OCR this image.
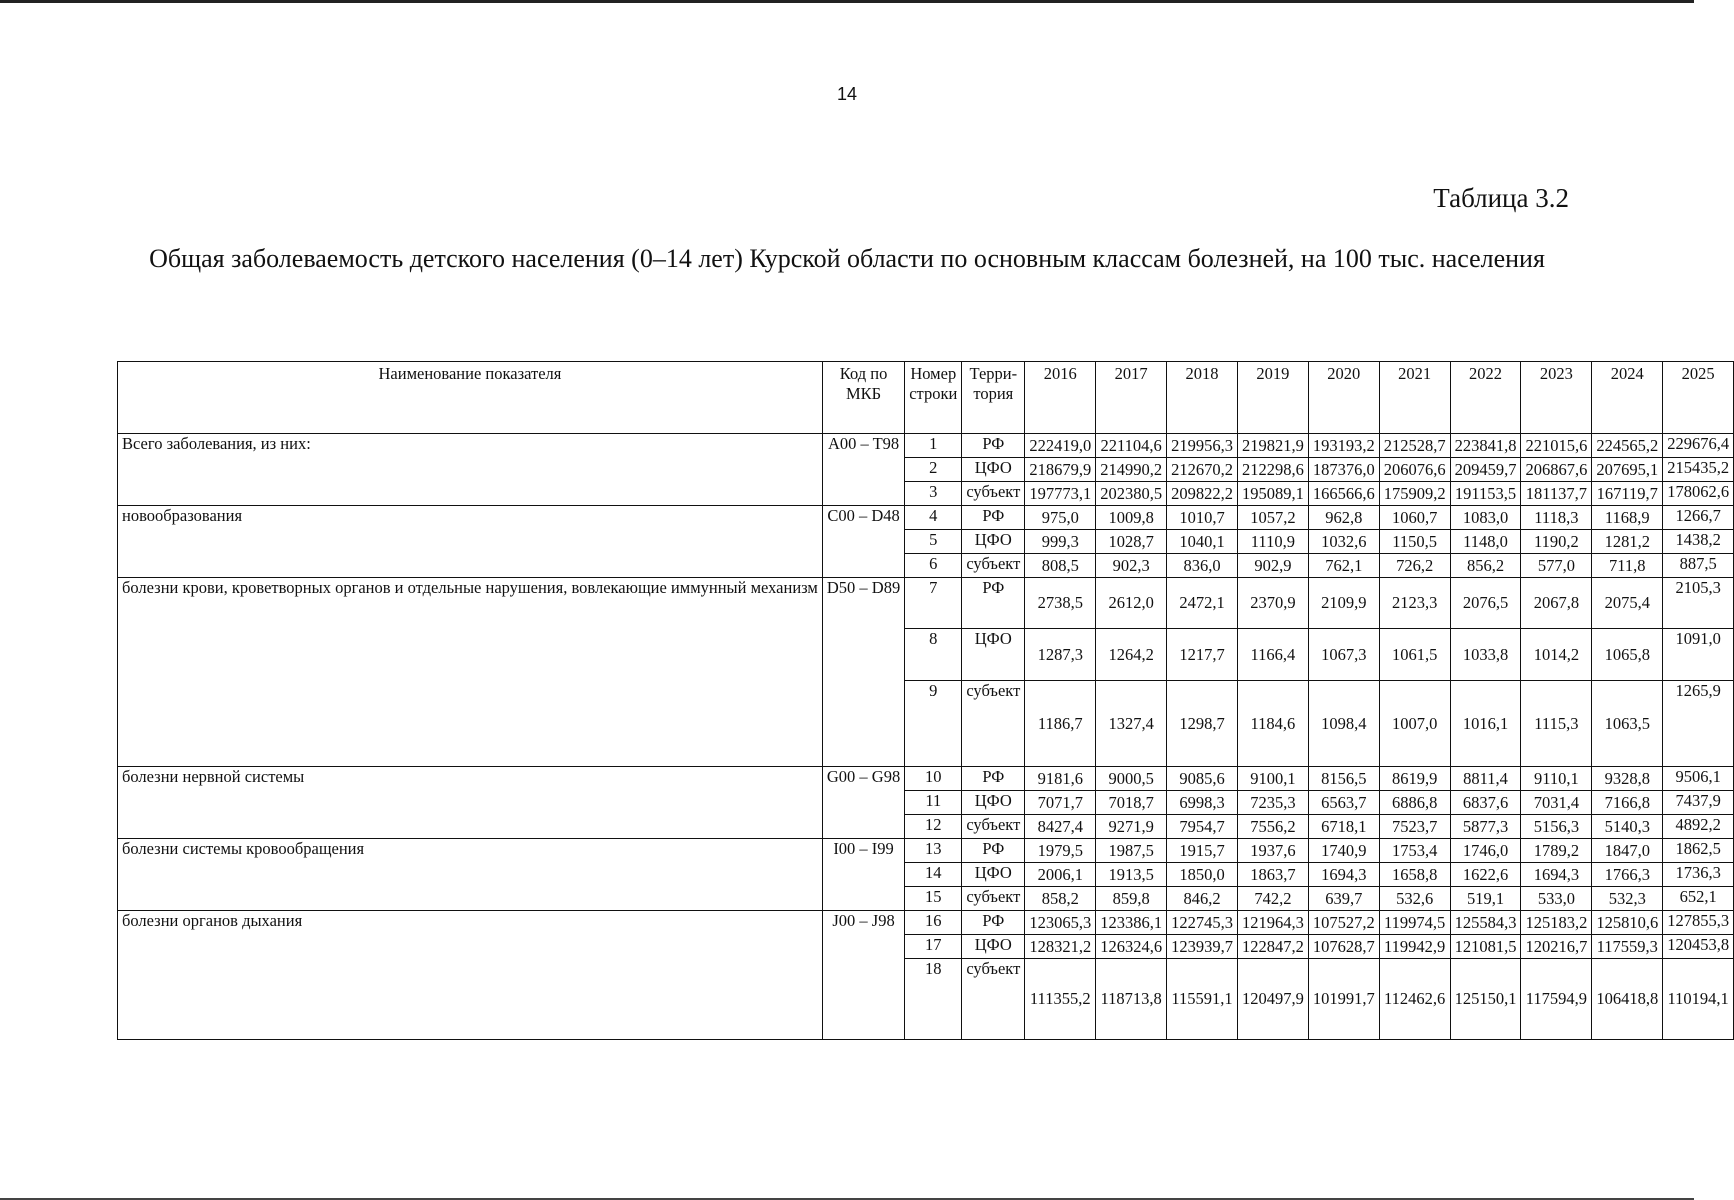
14
Таблица 3.2
Общая заболеваемость детского населения (0–14 лет) Курской области по основным классам болезней, на 100 тыс. населения
Наименование показателя	Код по МКБ	Номер строки	Терри- тория	2016	2017	2018	2019	2020	2021	2022	2023	2024	2025
Всего заболевания, из них:	A00 – T98	1	РФ	222419,0	221104,6	219956,3	219821,9	193193,2	212528,7	223841,8	221015,6	224565,2	229676,4
		2	ЦФО	218679,9	214990,2	212670,2	212298,6	187376,0	206076,6	209459,7	206867,6	207695,1	215435,2
		3	субъект	197773,1	202380,5	209822,2	195089,1	166566,6	175909,2	191153,5	181137,7	167119,7	178062,6
новообразования	C00 – D48	4	РФ	975,0	1009,8	1010,7	1057,2	962,8	1060,7	1083,0	1118,3	1168,9	1266,7
		5	ЦФО	999,3	1028,7	1040,1	1110,9	1032,6	1150,5	1148,0	1190,2	1281,2	1438,2
		6	субъект	808,5	902,3	836,0	902,9	762,1	726,2	856,2	577,0	711,8	887,5
болезни крови, кроветворных органов и отдельные нарушения, вовлекающие иммунный механизм	D50 – D89	7	РФ	2738,5	2612,0	2472,1	2370,9	2109,9	2123,3	2076,5	2067,8	2075,4	2105,3
		8	ЦФО	1287,3	1264,2	1217,7	1166,4	1067,3	1061,5	1033,8	1014,2	1065,8	1091,0
		9	субъект	1186,7	1327,4	1298,7	1184,6	1098,4	1007,0	1016,1	1115,3	1063,5	1265,9
болезни нервной системы	G00 – G98	10	РФ	9181,6	9000,5	9085,6	9100,1	8156,5	8619,9	8811,4	9110,1	9328,8	9506,1
		11	ЦФО	7071,7	7018,7	6998,3	7235,3	6563,7	6886,8	6837,6	7031,4	7166,8	7437,9
		12	субъект	8427,4	9271,9	7954,7	7556,2	6718,1	7523,7	5877,3	5156,3	5140,3	4892,2
болезни системы кровообращения	I00 – I99	13	РФ	1979,5	1987,5	1915,7	1937,6	1740,9	1753,4	1746,0	1789,2	1847,0	1862,5
		14	ЦФО	2006,1	1913,5	1850,0	1863,7	1694,3	1658,8	1622,6	1694,3	1766,3	1736,3
		15	субъект	858,2	859,8	846,2	742,2	639,7	532,6	519,1	533,0	532,3	652,1
болезни органов дыхания	J00 – J98	16	РФ	123065,3	123386,1	122745,3	121964,3	107527,2	119974,5	125584,3	125183,2	125810,6	127855,3
		17	ЦФО	128321,2	126324,6	123939,7	122847,2	107628,7	119942,9	121081,5	120216,7	117559,3	120453,8
		18	субъект	111355,2	118713,8	115591,1	120497,9	101991,7	112462,6	125150,1	117594,9	106418,8	110194,1
